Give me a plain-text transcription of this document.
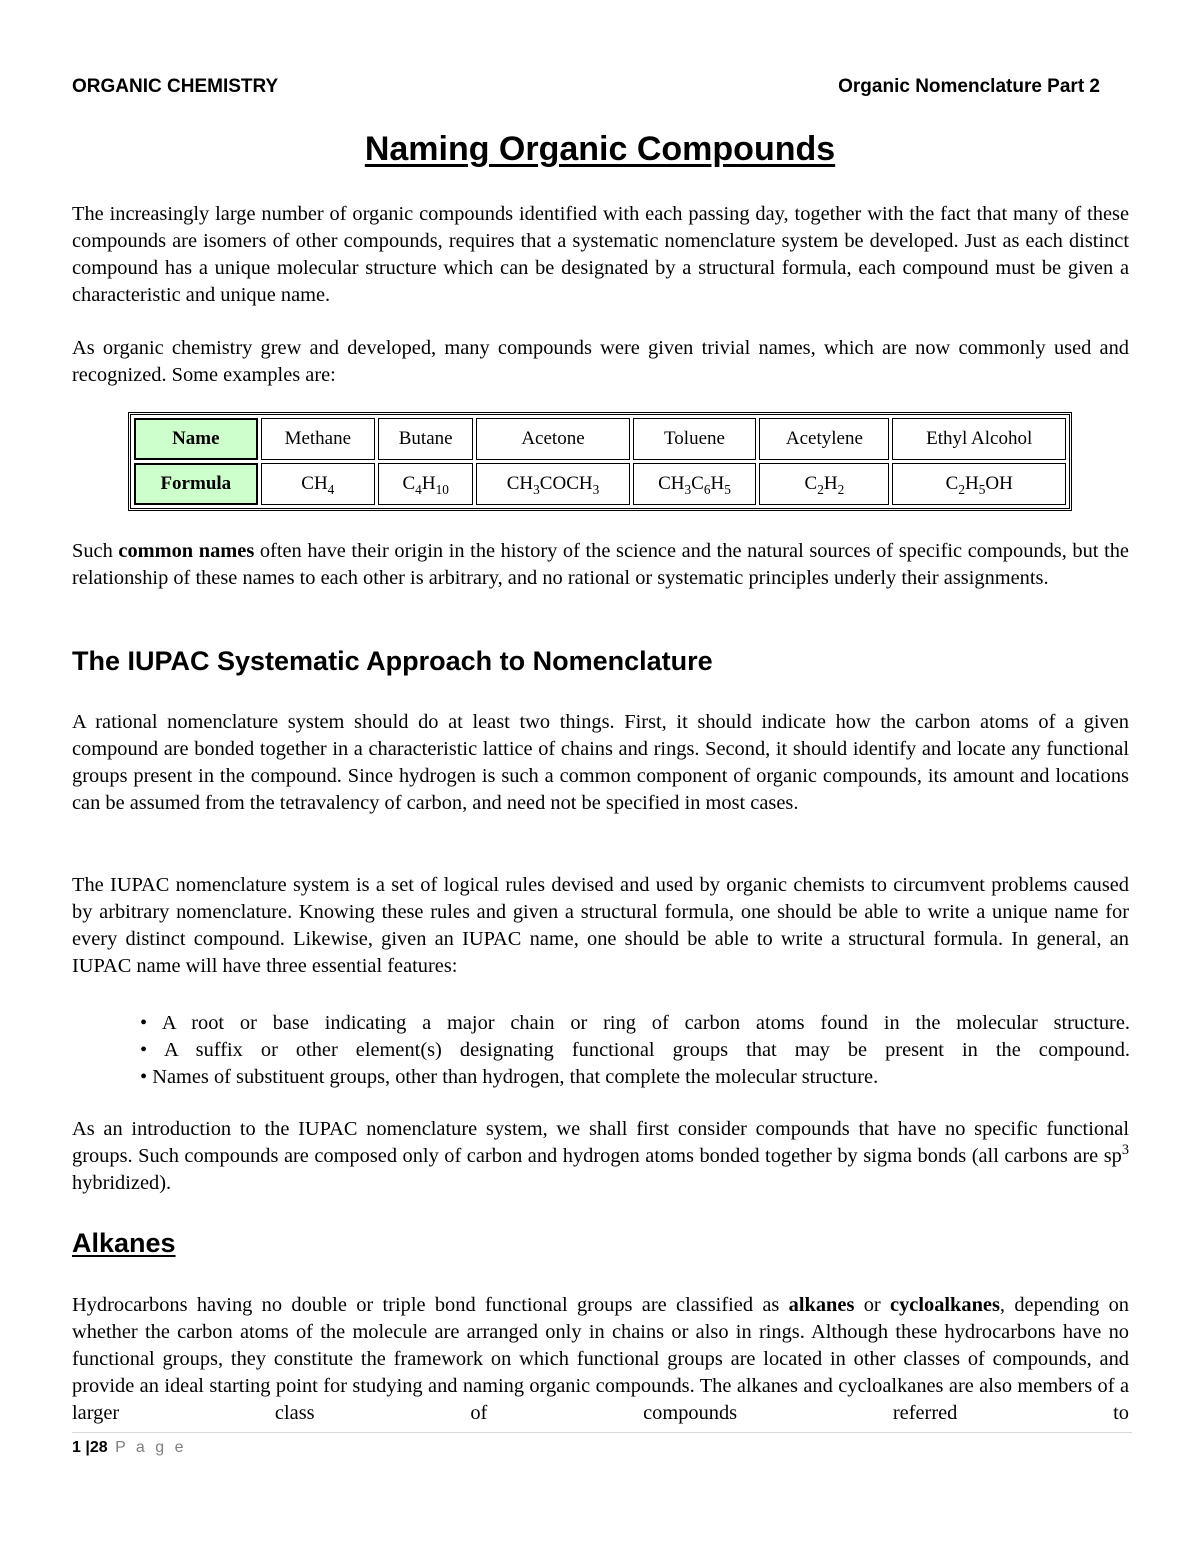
ORGANIC CHEMISTRY	Organic Nomenclature Part 2
Naming Organic Compounds

The increasingly large number of organic compounds identified with each passing day, together with the fact that many of these compounds are isomers of other compounds, requires that a systematic nomenclature system be developed. Just as each distinct compound has a unique molecular structure which can be designated by a structural formula, each compound must be given a characteristic and unique name.

As organic chemistry grew and developed, many compounds were given trivial names, which are now commonly used and recognized. Some examples are:

Name	Methane	Butane	Acetone	Toluene	Acetylene	Ethyl Alcohol
Formula	$CH_4$	$C_4H_{10}$	$CH_3COCH_3$	$CH_3C_6H_5$	$C_2H_2$	$C_2H_5OH$

Such common names often have their origin in the history of the science and the natural sources of specific compounds, but the relationship of these names to each other is arbitrary, and no rational or systematic principles underly their assignments.

The IUPAC Systematic Approach to Nomenclature

A rational nomenclature system should do at least two things. First, it should indicate how the carbon atoms of a given compound are bonded together in a characteristic lattice of chains and rings. Second, it should identify and locate any functional groups present in the compound. Since hydrogen is such a common component of organic compounds, its amount and locations can be assumed from the tetravalency of carbon, and need not be specified in most cases.

The IUPAC nomenclature system is a set of logical rules devised and used by organic chemists to circumvent problems caused by arbitrary nomenclature. Knowing these rules and given a structural formula, one should be able to write a unique name for every distinct compound. Likewise, given an IUPAC name, one should be able to write a structural formula. In general, an IUPAC name will have three essential features:

• A root or base indicating a major chain or ring of carbon atoms found in the molecular structure.
• A suffix or other element(s) designating functional groups that may be present in the compound.
• Names of substituent groups, other than hydrogen, that complete the molecular structure.

As an introduction to the IUPAC nomenclature system, we shall first consider compounds that have no specific functional groups. Such compounds are composed only of carbon and hydrogen atoms bonded together by sigma bonds (all carbons are $sp^3$ hybridized).

Alkanes

Hydrocarbons having no double or triple bond functional groups are classified as alkanes or cycloalkanes, depending on whether the carbon atoms of the molecule are arranged only in chains or also in rings. Although these hydrocarbons have no functional groups, they constitute the framework on which functional groups are located in other classes of compounds, and provide an ideal starting point for studying and naming organic compounds. The alkanes and cycloalkanes are also members of a larger class of compounds referred to

1 |28 P a g e
